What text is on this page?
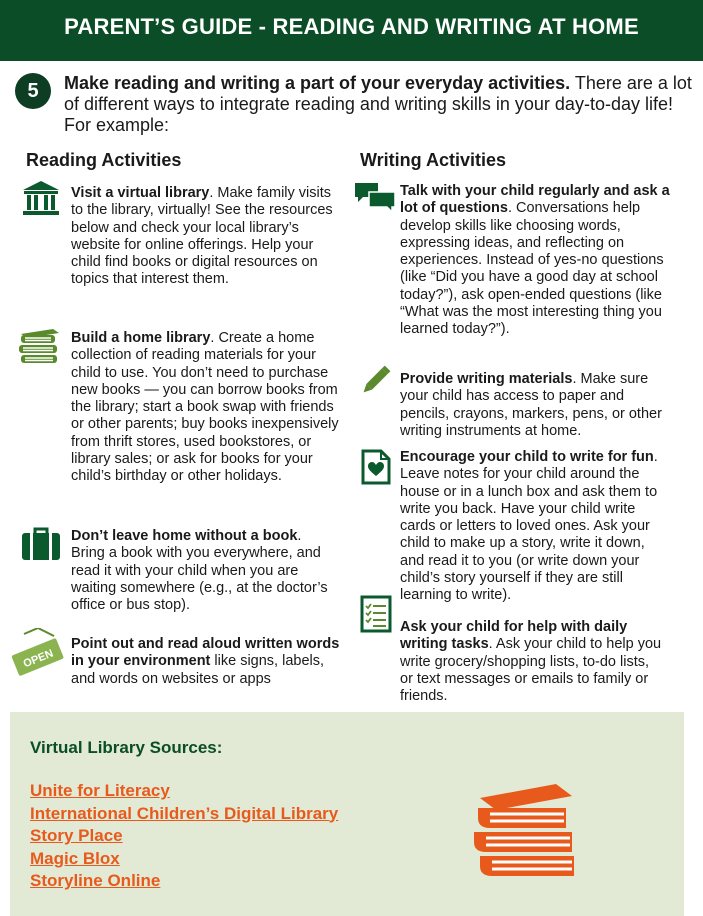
PARENT’S GUIDE - READING AND WRITING AT HOME
5	Make reading and writing a part of your everyday activities. There are a lot of different ways to integrate reading and writing skills in your day-to-day life! For example:
Reading Activities	Writing Activities
Visit a virtual library. Make family visits to the library, virtually! See the resources below and check your local library’s website for online offerings. Help your child find books or digital resources on topics that interest them.
Build a home library. Create a home collection of reading materials for your child to use. You don’t need to purchase new books — you can borrow books from the library; start a book swap with friends or other parents; buy books inexpensively from thrift stores, used bookstores, or library sales; or ask for books for your child’s birthday or other holidays.
Don’t leave home without a book. Bring a book with you everywhere, and read it with your child when you are waiting somewhere (e.g., at the doctor’s office or bus stop).
OPEN
Point out and read aloud written words in your environment like signs, labels, and words on websites or apps
Talk with your child regularly and ask a lot of questions. Conversations help develop skills like choosing words, expressing ideas, and reflecting on experiences. Instead of yes-no questions (like “Did you have a good day at school today?”), ask open-ended questions (like “What was the most interesting thing you learned today?”).
Provide writing materials. Make sure your child has access to paper and pencils, crayons, markers, pens, or other writing instruments at home.
Encourage your child to write for fun. Leave notes for your child around the house or in a lunch box and ask them to write you back. Have your child write cards or letters to loved ones. Ask your child to make up a story, write it down, and read it to you (or write down your child’s story yourself if they are still learning to write).
Ask your child for help with daily writing tasks. Ask your child to help you write grocery/shopping lists, to-do lists, or text messages or emails to family or friends.
Virtual Library Sources:
Unite for Literacy
International Children’s Digital Library
Story Place
Magic Blox
Storyline Online
